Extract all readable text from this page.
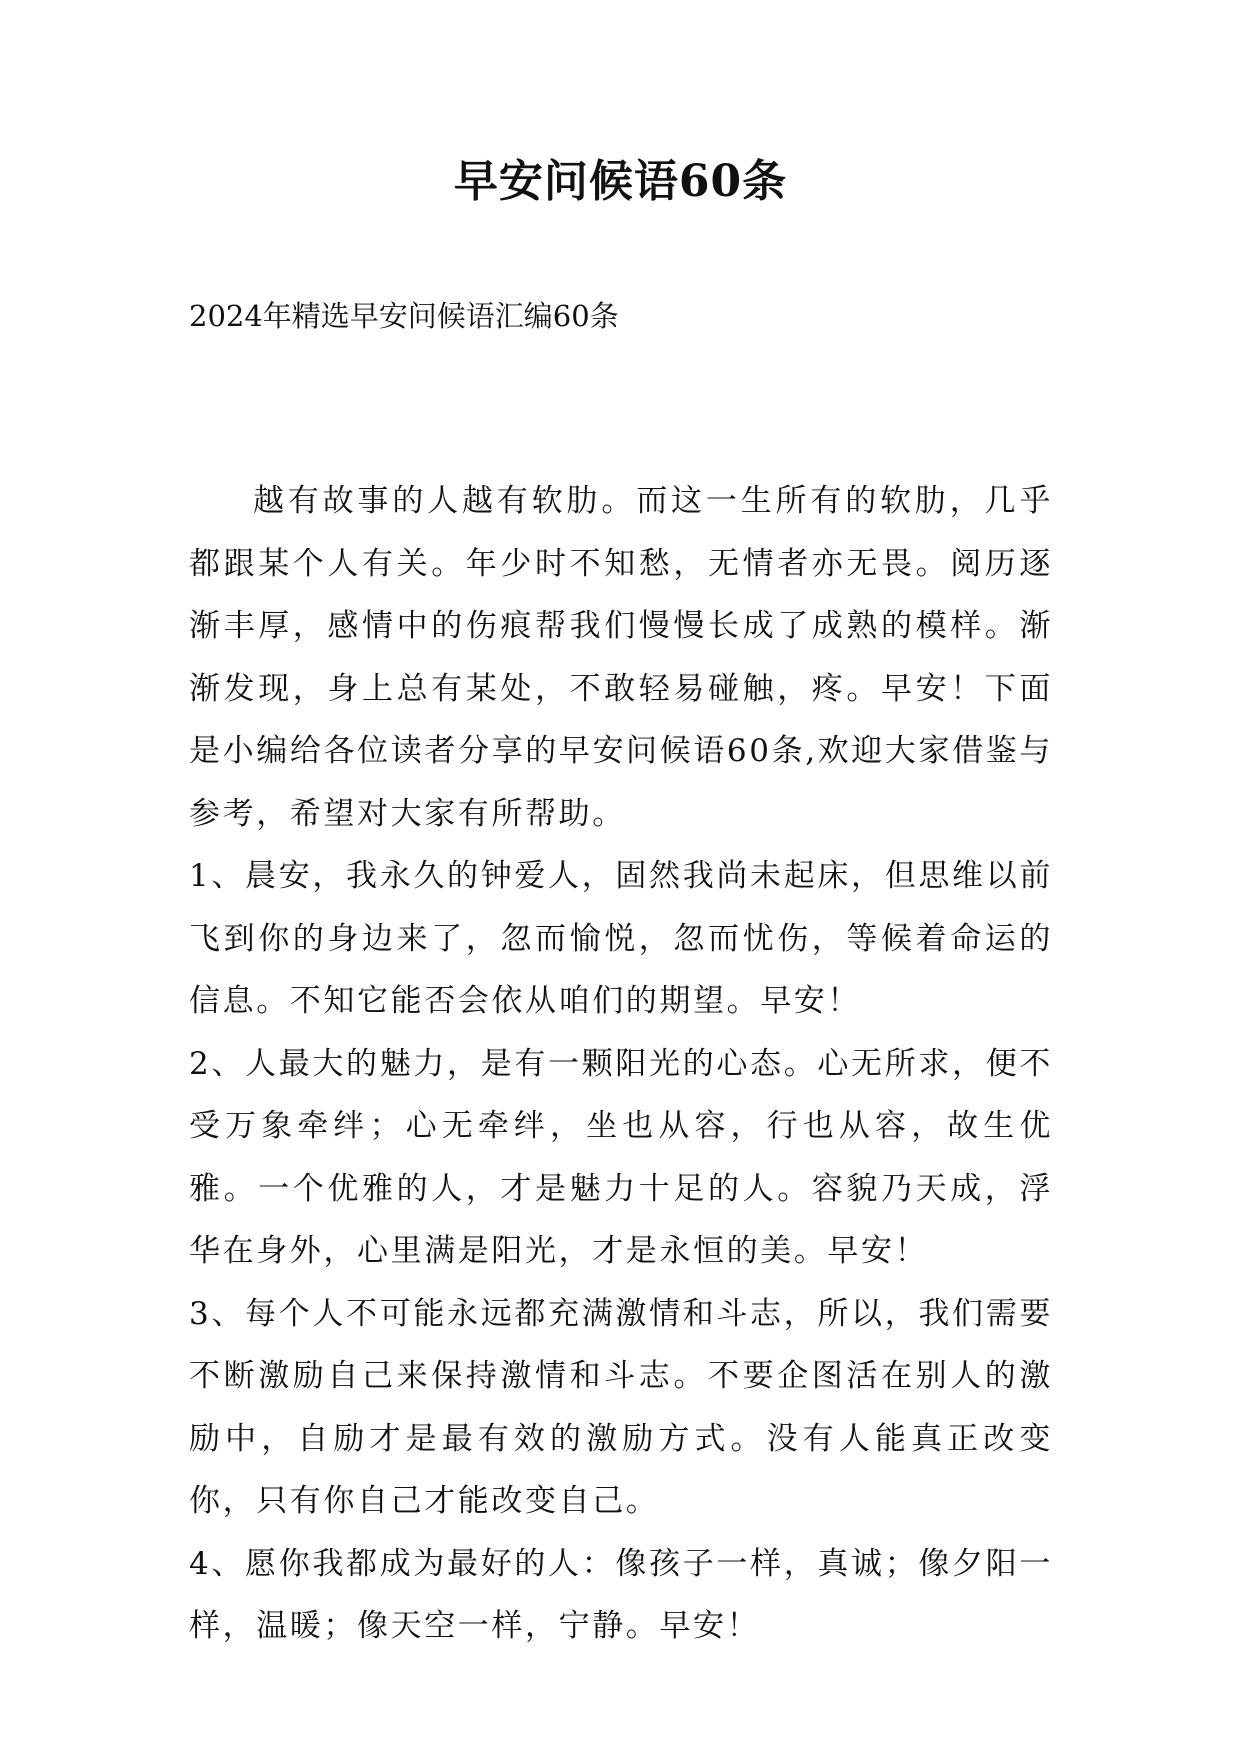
早安问候语60条

2024年精选早安问候语汇编60条

越有故事的人越有软肋。而这一生所有的软肋，几乎都跟某个人有关。年少时不知愁，无情者亦无畏。阅历逐渐丰厚，感情中的伤痕帮我们慢慢长成了成熟的模样。渐渐发现，身上总有某处，不敢轻易碰触，疼。早安！下面是小编给各位读者分享的早安问候语60条,欢迎大家借鉴与参考，希望对大家有所帮助。

1、晨安，我永久的钟爱人，固然我尚未起床，但思维以前飞到你的身边来了，忽而愉悦，忽而忧伤，等候着命运的信息。不知它能否会依从咱们的期望。早安！

2、人最大的魅力，是有一颗阳光的心态。心无所求，便不受万象牵绊；心无牵绊，坐也从容，行也从容，故生优雅。一个优雅的人，才是魅力十足的人。容貌乃天成，浮华在身外，心里满是阳光，才是永恒的美。早安！

3、每个人不可能永远都充满激情和斗志，所以，我们需要不断激励自己来保持激情和斗志。不要企图活在别人的激励中，自励才是最有效的激励方式。没有人能真正改变你，只有你自己才能改变自己。

4、愿你我都成为最好的人：像孩子一样，真诚；像夕阳一样，温暖；像天空一样，宁静。早安！
